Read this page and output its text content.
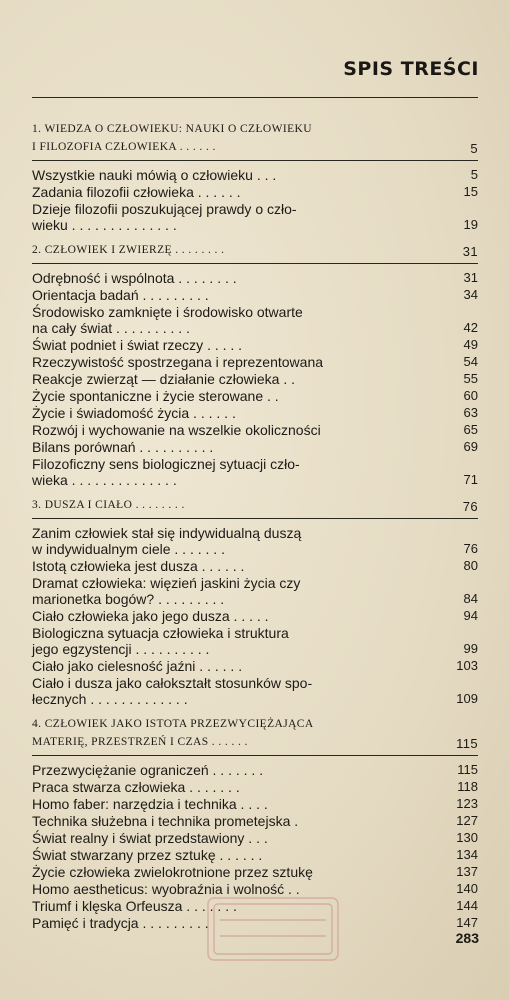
SPIS TREŚCI
1. WIEDZA O CZŁOWIEKU: NAUKI O CZŁOWIEKU
I FILOZOFIA CZŁOWIEKA . . . . . .	5
Wszystkie nauki mówią o człowieku . . .	5
Zadania filozofii człowieka . . . . . .	15
Dzieje filozofii poszukującej prawdy o czło-
wieku . . . . . . . . . . . . . .	19
2. CZŁOWIEK I ZWIERZĘ . . . . . . . .	31
Odrębność i wspólnota . . . . . . . .	31
Orientacja badań . . . . . . . . .	34
Środowisko zamknięte i środowisko otwarte
na cały świat . . . . . . . . . .	42
Świat podniet i świat rzeczy . . . . .	49
Rzeczywistość spostrzegana i reprezentowana	54
Reakcje zwierząt — działanie człowieka . .	55
Życie spontaniczne i życie sterowane . .	60
Życie i świadomość życia . . . . . .	63
Rozwój i wychowanie na wszelkie okoliczności	65
Bilans porównań . . . . . . . . . .	69
Filozoficzny sens biologicznej sytuacji czło-
wieka . . . . . . . . . . . . . .	71
3. DUSZA I CIAŁO . . . . . . . .	76
Zanim człowiek stał się indywidualną duszą
w indywidualnym ciele . . . . . . .	76
Istotą człowieka jest dusza . . . . . .	80
Dramat człowieka: więzień jaskini życia czy
marionetka bogów? . . . . . . . . .	84
Ciało człowieka jako jego dusza . . . . .	94
Biologiczna sytuacja człowieka i struktura
jego egzystencji . . . . . . . . . .	99
Ciało jako cielesność jaźni . . . . . .	103
Ciało i dusza jako całokształt stosunków spo-
łecznych . . . . . . . . . . . . .	109
4. CZŁOWIEK JAKO ISTOTA PRZEZWYCIĘŻAJĄCA
MATERIĘ, PRZESTRZEŃ I CZAS . . . . . .	115
Przezwyciężanie ograniczeń . . . . . . .	115
Praca stwarza człowieka . . . . . . .	118
Homo faber: narzędzia i technika . . . .	123
Technika służebna i technika prometejska .	127
Świat realny i świat przedstawiony . . .	130
Świat stwarzany przez sztukę . . . . . .	134
Życie człowieka zwielokrotnione przez sztukę	137
Homo aestheticus: wyobraźnia i wolność . .	140
Triumf i klęska Orfeusza . . . . . . .	144
Pamięć i tradycja . . . . . . . . .	147
283
